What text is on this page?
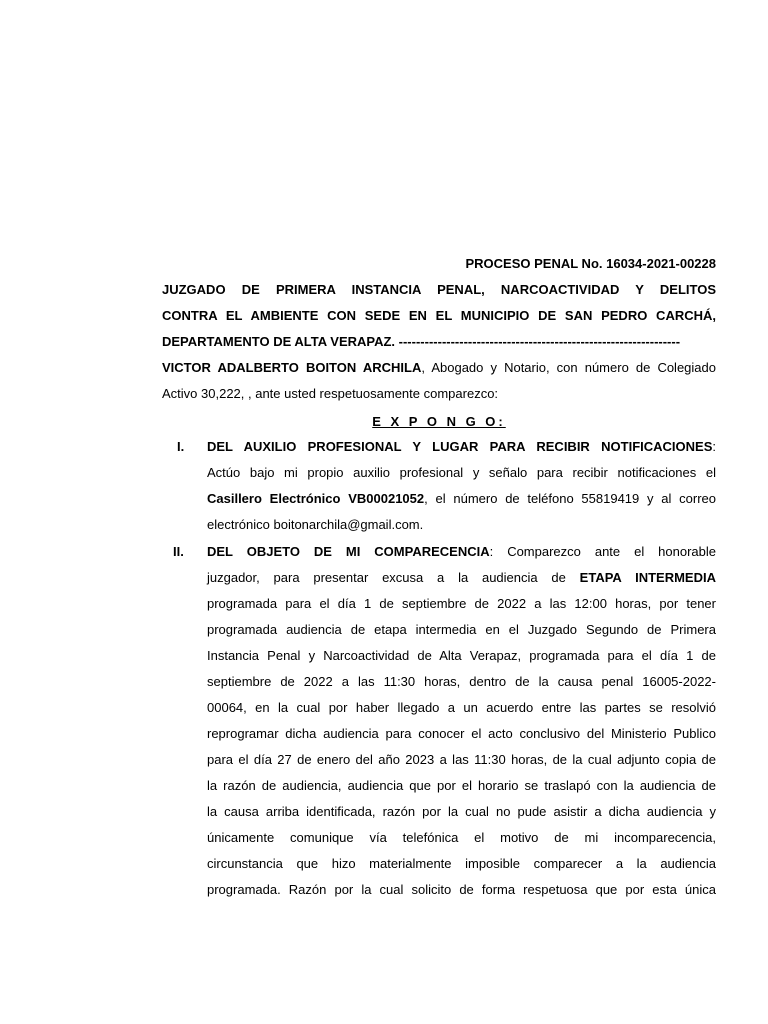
PROCESO PENAL No. 16034-2021-00228
JUZGADO DE PRIMERA INSTANCIA PENAL, NARCOACTIVIDAD Y DELITOS
CONTRA EL AMBIENTE CON SEDE EN EL MUNICIPIO DE SAN PEDRO CARCHÁ,
DEPARTAMENTO DE ALTA VERAPAZ. -----------------------------------------------------------------
VICTOR ADALBERTO BOITON ARCHILA, Abogado y Notario, con número de Colegiado
Activo 30,222, , ante usted respetuosamente comparezco:
E X P O N G O:
I. DEL AUXILIO PROFESIONAL Y LUGAR PARA RECIBIR NOTIFICACIONES:
Actúo bajo mi propio auxilio profesional y señalo para recibir notificaciones el
Casillero Electrónico VB00021052, el número de teléfono 55819419 y al correo
electrónico boitonarchila@gmail.com.
II. DEL OBJETO DE MI COMPARECENCIA: Comparezco ante el honorable
juzgador, para presentar excusa a la audiencia de ETAPA INTERMEDIA
programada para el día 1 de septiembre de 2022 a las 12:00 horas, por tener
programada audiencia de etapa intermedia en el Juzgado Segundo de Primera
Instancia Penal y Narcoactividad de Alta Verapaz, programada para el día 1 de
septiembre de 2022 a las 11:30 horas, dentro de la causa penal 16005-2022-
00064, en la cual por haber llegado a un acuerdo entre las partes se resolvió
reprogramar dicha audiencia para conocer el acto conclusivo del Ministerio Publico
para el día 27 de enero del año 2023 a las 11:30 horas, de la cual adjunto copia de
la razón de audiencia, audiencia que por el horario se traslapó con la audiencia de
la causa arriba identificada, razón por la cual no pude asistir a dicha audiencia y
únicamente comunique vía telefónica el motivo de mi incomparecencia,
circunstancia que hizo materialmente imposible comparecer a la audiencia
programada. Razón por la cual solicito de forma respetuosa que por esta única
